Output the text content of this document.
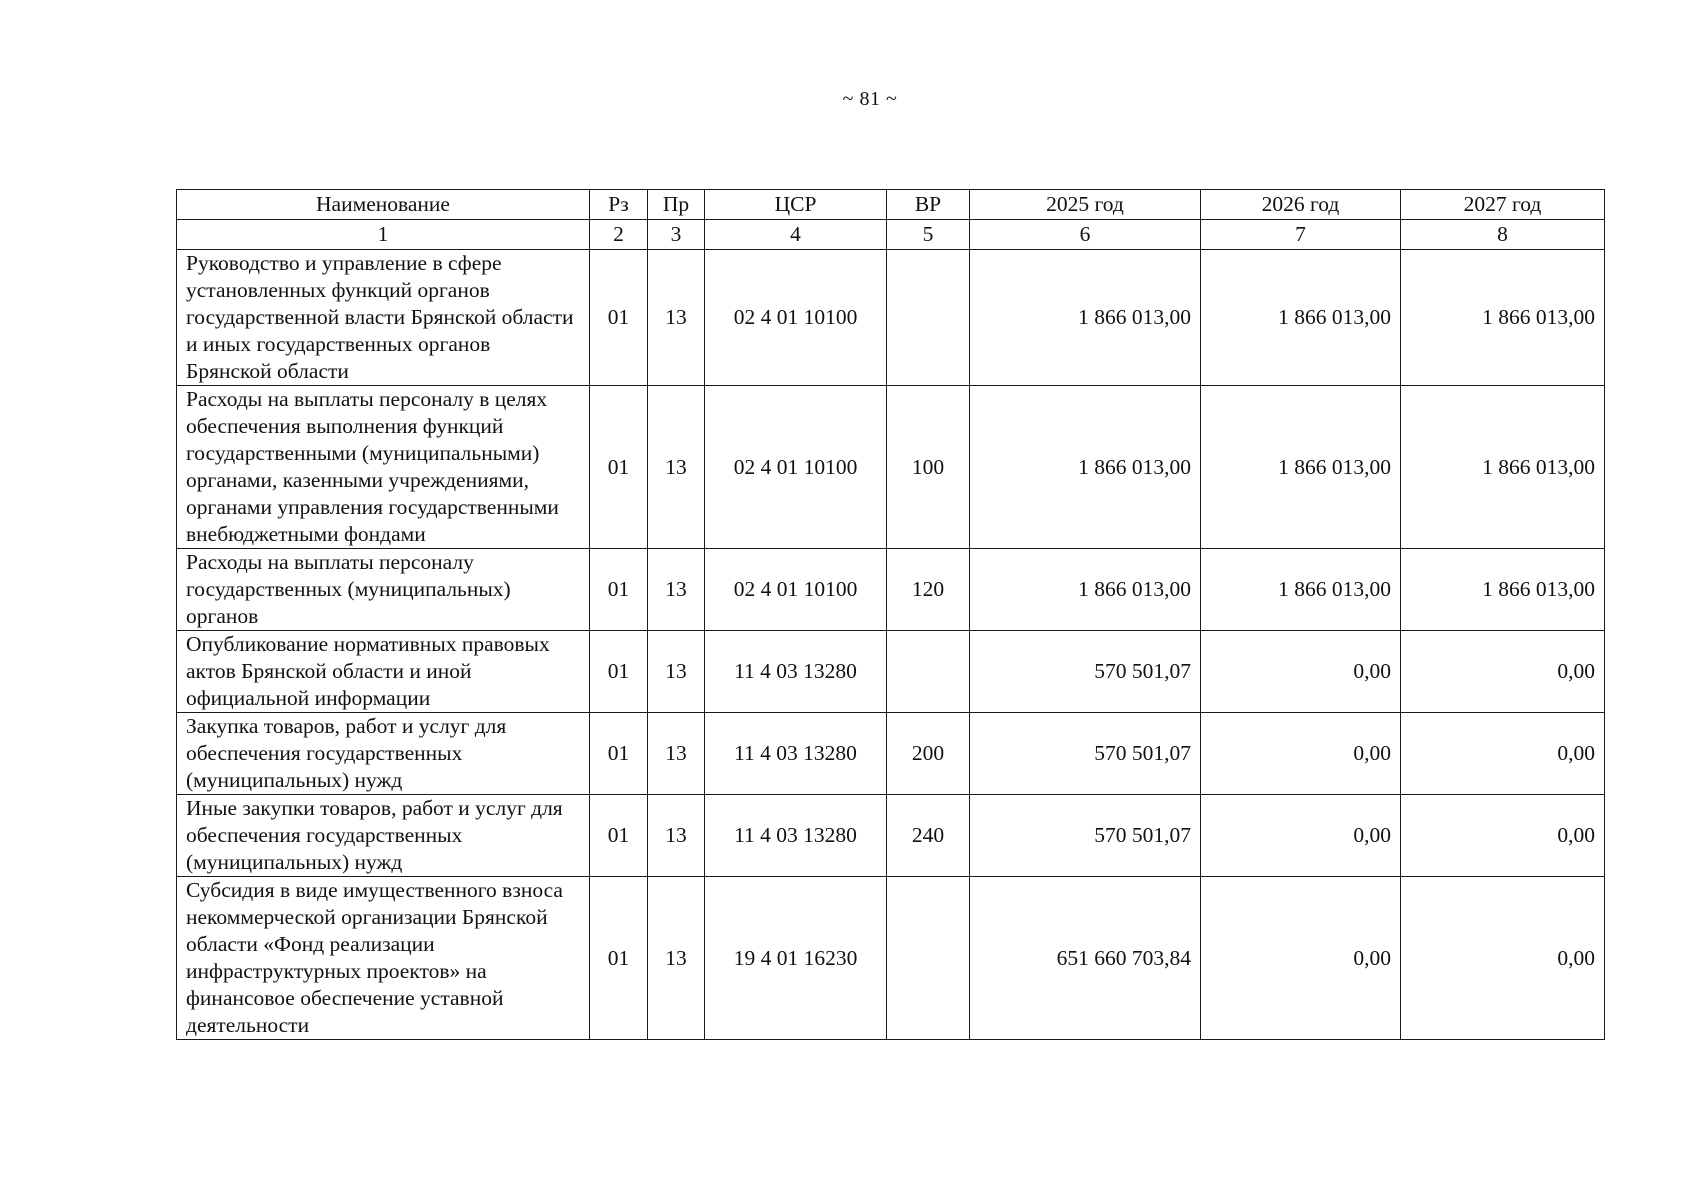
~ 81 ~
Наименование	Рз	Пр	ЦСР	ВР	2025 год	2026 год	2027 год
1	2	3	4	5	6	7	8
Руководство и управление в сфере установленных функций органов государственной власти Брянской области и иных государственных органов Брянской области	01	13	02 4 01 10100		1 866 013,00	1 866 013,00	1 866 013,00
Расходы на выплаты персоналу в целях обеспечения выполнения функций государственными (муниципальными) органами, казенными учреждениями, органами управления государственными внебюджетными фондами	01	13	02 4 01 10100	100	1 866 013,00	1 866 013,00	1 866 013,00
Расходы на выплаты персоналу государственных (муниципальных) органов	01	13	02 4 01 10100	120	1 866 013,00	1 866 013,00	1 866 013,00
Опубликование нормативных правовых актов Брянской области и иной официальной информации	01	13	11 4 03 13280		570 501,07	0,00	0,00
Закупка товаров, работ и услуг для обеспечения государственных (муниципальных) нужд	01	13	11 4 03 13280	200	570 501,07	0,00	0,00
Иные закупки товаров, работ и услуг для обеспечения государственных (муниципальных) нужд	01	13	11 4 03 13280	240	570 501,07	0,00	0,00
Субсидия в виде имущественного взноса некоммерческой организации Брянской области «Фонд реализации инфраструктурных проектов» на финансовое обеспечение уставной деятельности	01	13	19 4 01 16230		651 660 703,84	0,00	0,00
